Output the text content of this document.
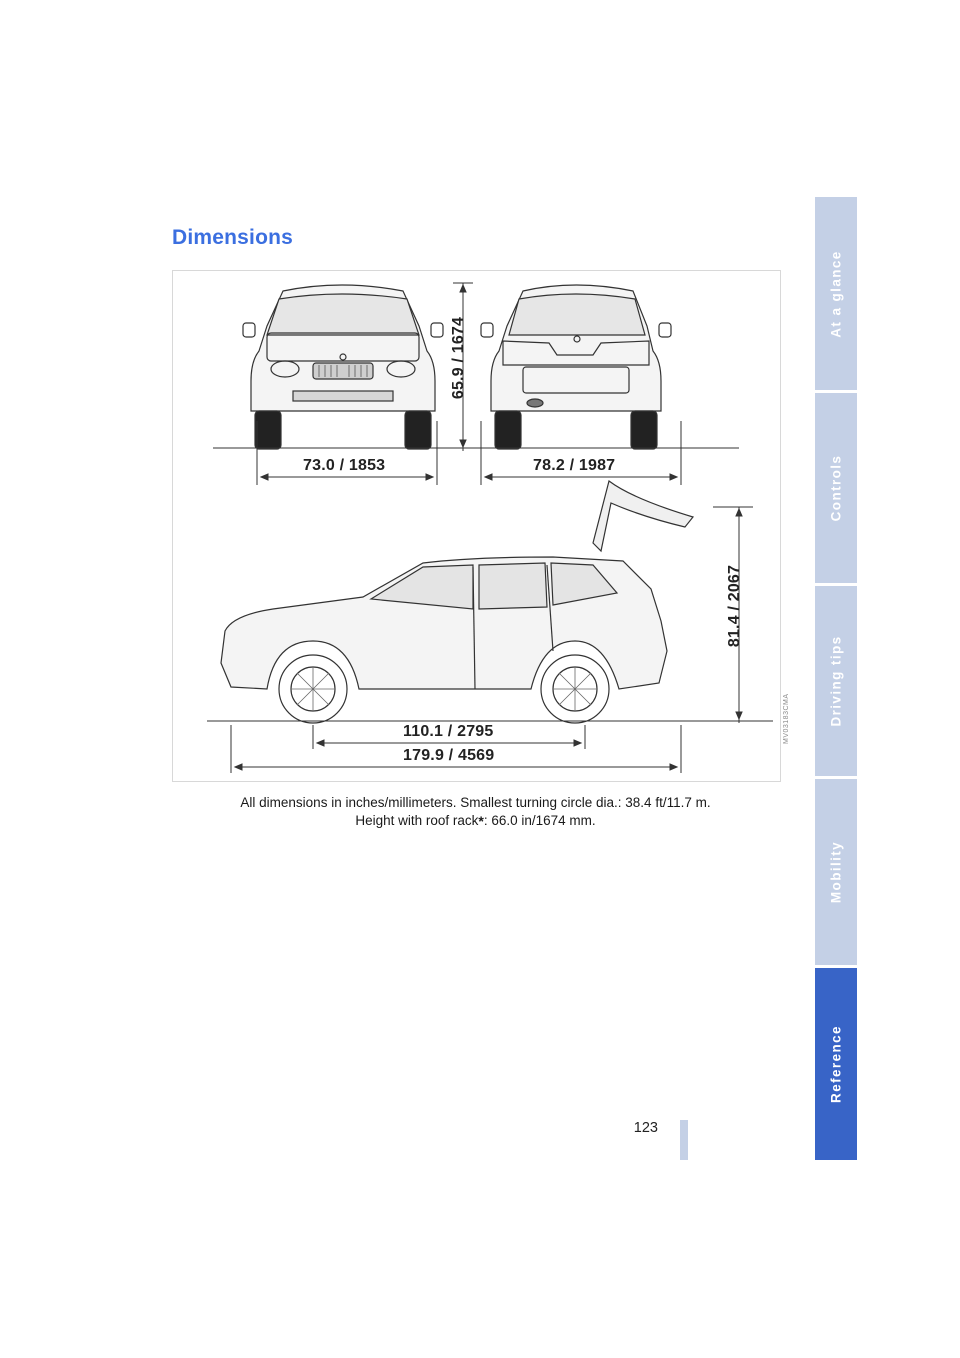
At a glance
Controls
Driving tips
Mobility
Reference
Dimensions
73.0 / 1853	78.2 / 1987
65.9 / 1674
81.4 / 2067
110.1 / 2795
179.9 / 4569
MV03183CMA
All dimensions in inches/millimeters. Smallest turning circle dia.: 38.4 ft/11.7 m.
Height with roof rack*: 66.0 in/1674 mm.
123
